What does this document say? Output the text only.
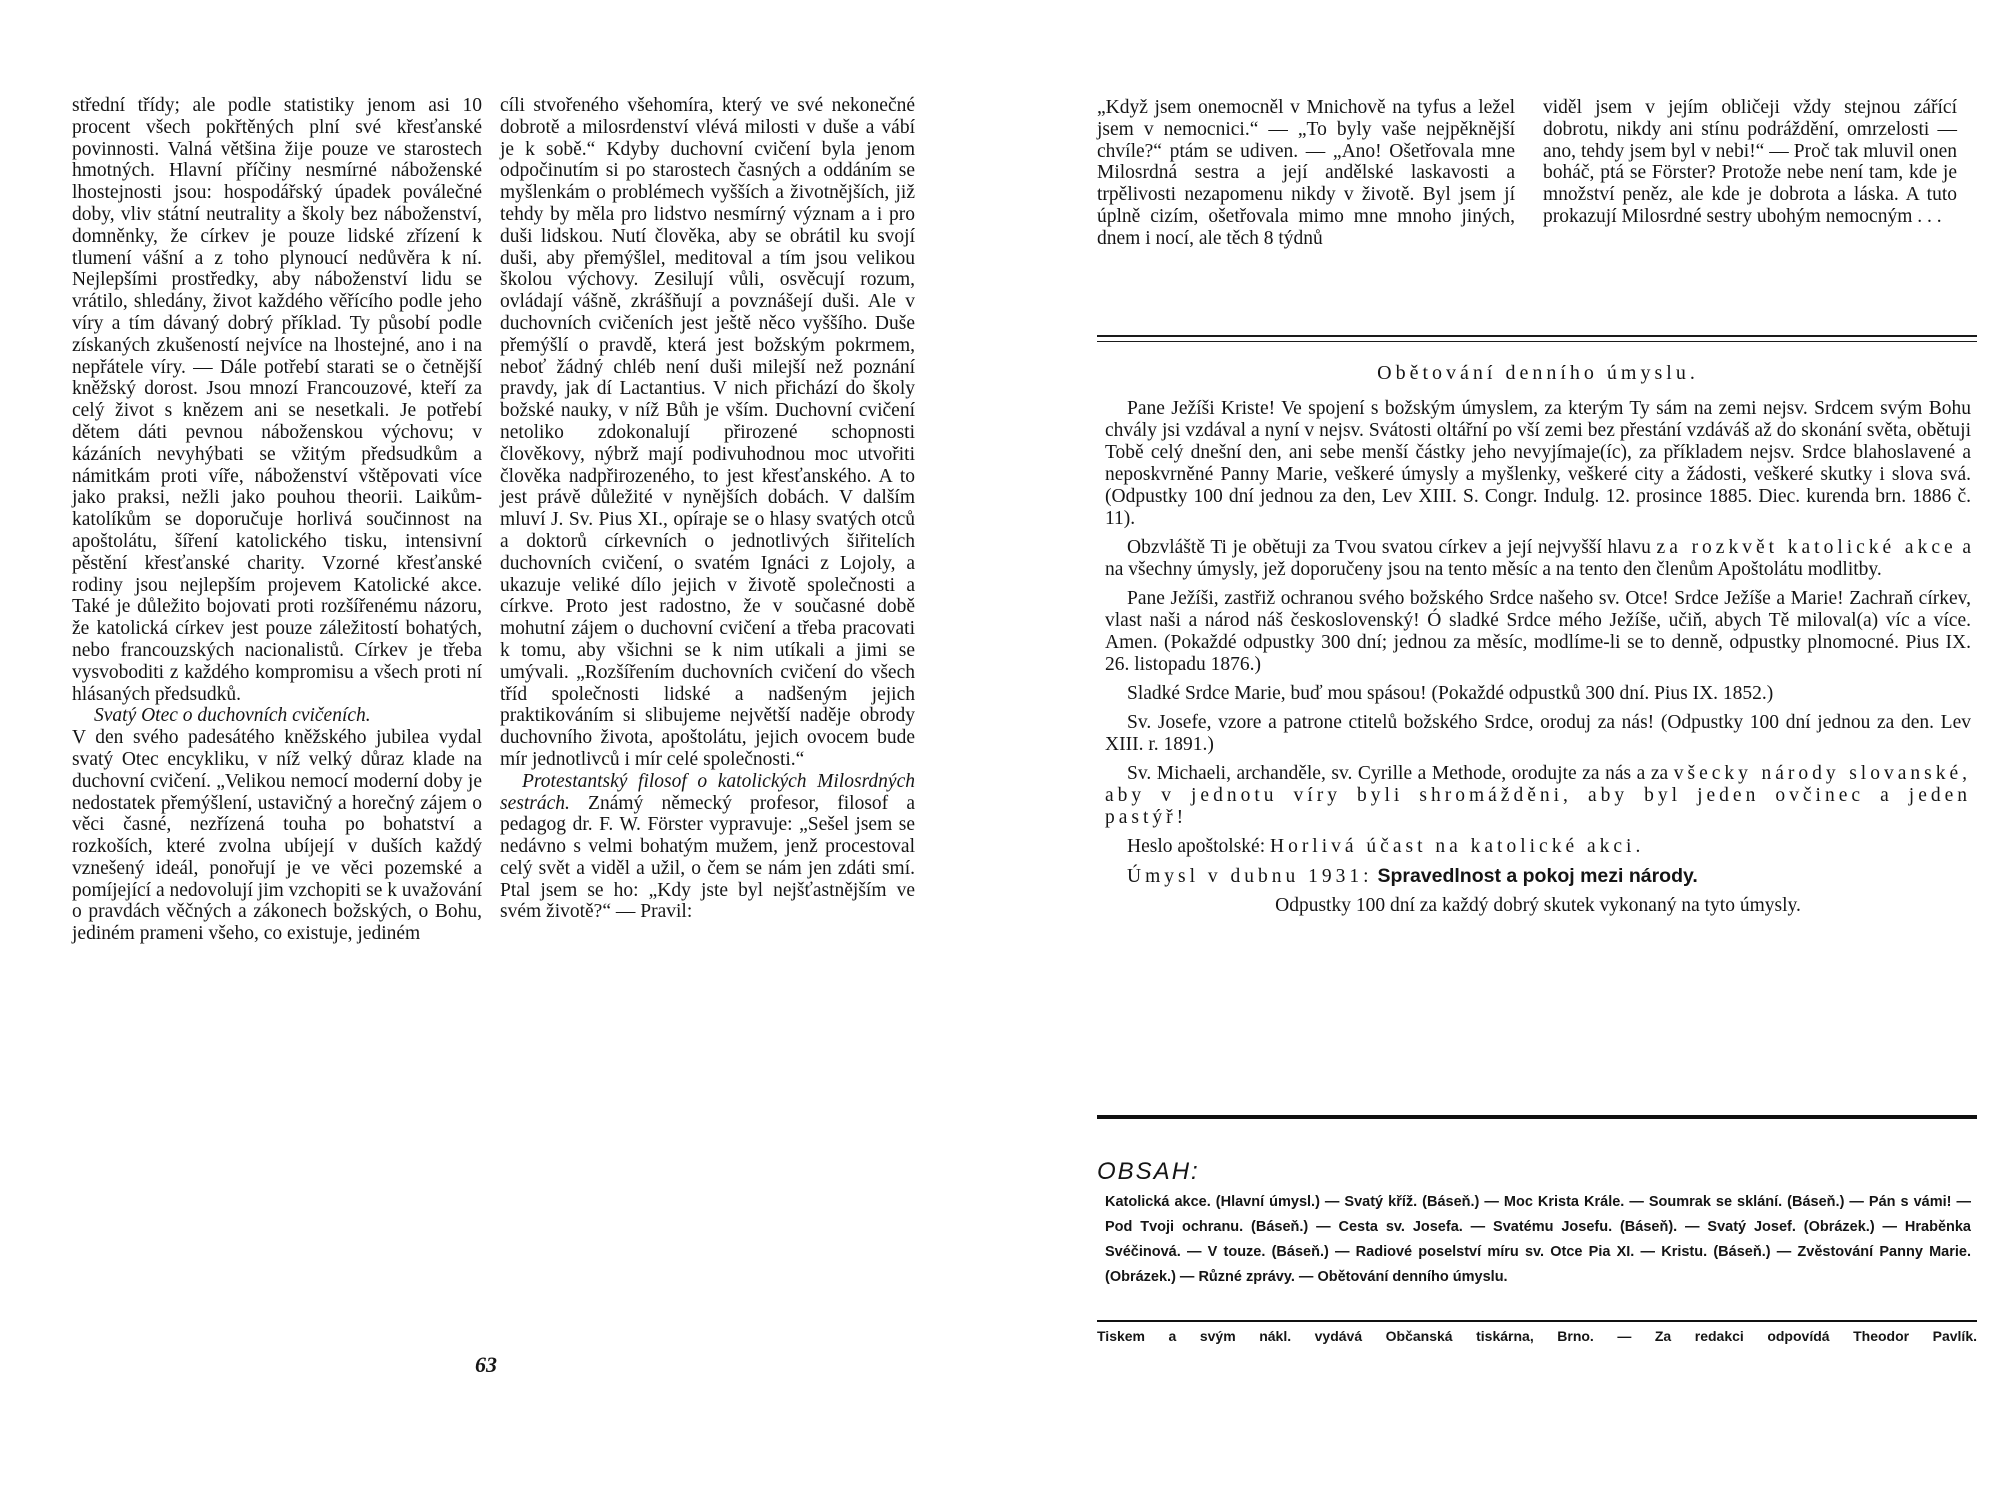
střední třídy; ale podle statistiky jenom asi 10 procent všech pokřtěných plní své křesťanské povinnosti. Valná většina žije pouze ve starostech hmotných. Hlavní příčiny nesmírné náboženské lhostejnosti jsou: hospodářský úpadek poválečné doby, vliv státní neutrality a školy bez náboženství, domněnky, že církev je pouze lidské zřízení k tlumení vášní a z toho plynoucí nedůvěra k ní. Nejlepšími prostředky, aby náboženství lidu se vrátilo, shledány, život každého věřícího podle jeho víry a tím dávaný dobrý příklad. Ty působí podle získaných zkušeností nejvíce na lhostejné, ano i na nepřátele víry. — Dále potřebí starati se o četnější kněžský dorost. Jsou mnozí Francouzové, kteří za celý život s knězem ani se nesetkali. Je potřebí dětem dáti pevnou náboženskou výchovu; v kázáních nevyhýbati se vžitým předsudkům a námitkám proti víře, náboženství vštěpovati více jako praksi, nežli jako pouhou theorii. Laikům-katolíkům se doporučuje horlivá součinnost na apoštolátu, šíření katolického tisku, intensivní pěstění křesťanské charity. Vzorné křesťanské rodiny jsou nejlepším projevem Katolické akce. Také je důležito bojovati proti rozšířenému názoru, že katolická církev jest pouze záležitostí bohatých, nebo francouzských nacionalistů. Církev je třeba vysvoboditi z každého kompromisu a všech proti ní hlásaných předsudků.

Svatý Otec o duchovních cvičeních.

V den svého padesátého kněžského jubilea vydal svatý Otec encykliku, v níž velký důraz klade na duchovní cvičení. „Velikou nemocí moderní doby je nedostatek přemýšlení, ustavičný a horečný zájem o věci časné, nezřízená touha po bohatství a rozkoších, které zvolna ubíjejí v duších každý vznešený ideál, ponořují je ve věci pozemské a pomíjející a nedovolují jim vzchopiti se k uvažování o pravdách věčných a zákonech božských, o Bohu, jediném prameni všeho, co existuje, jediném

cíli stvořeného všehomíra, který ve své nekonečné dobrotě a milosrdenství vlévá milosti v duše a vábí je k sobě.“ Kdyby duchovní cvičení byla jenom odpočinutím si po starostech časných a oddáním se myšlenkám o problémech vyšších a životnějších, již tehdy by měla pro lidstvo nesmírný význam a i pro duši lidskou. Nutí člověka, aby se obrátil ku svojí duši, aby přemýšlel, meditoval a tím jsou velikou školou výchovy. Zesilují vůli, osvěcují rozum, ovládají vášně, zkrášňují a povznášejí duši. Ale v duchovních cvičeních jest ještě něco vyššího. Duše přemýšlí o pravdě, která jest božským pokrmem, neboť žádný chléb není duši milejší než poznání pravdy, jak dí Lactantius. V nich přichází do školy božské nauky, v níž Bůh je vším. Duchovní cvičení netoliko zdokonalují přirozené schopnosti člověkovy, nýbrž mají podivuhodnou moc utvořiti člověka nadpřirozeného, to jest křesťanského. A to jest právě důležité v nynějších dobách. V dalším mluví J. Sv. Pius XI., opíraje se o hlasy svatých otců a doktorů církevních o jednotlivých šiřitelích duchovních cvičení, o svatém Ignáci z Lojoly, a ukazuje veliké dílo jejich v životě společnosti a církve. Proto jest radostno, že v současné době mohutní zájem o duchovní cvičení a třeba pracovati k tomu, aby všichni se k nim utíkali a jimi se umývali. „Rozšířením duchovních cvičení do všech tříd společnosti lidské a nadšeným jejich praktikováním si slibujeme největší naděje obrody duchovního života, apoštolátu, jejich ovocem bude mír jednotlivců i mír celé společnosti.“

Protestantský filosof o katolických Milosrdných sestrách. Známý německý profesor, filosof a pedagog dr. F. W. Förster vypravuje: „Sešel jsem se nedávno s velmi bohatým mužem, jenž procestoval celý svět a viděl a užil, o čem se nám jen zdáti smí. Ptal jsem se ho: „Kdy jste byl nejšťastnějším ve svém životě?“ — Pravil:

63

„Když jsem onemocněl v Mnichově na tyfus a ležel jsem v nemocnici.“ — „To byly vaše nejpěknější chvíle?“ ptám se udiven. — „Ano! Ošetřovala mne Milosrdná sestra a její andělské laskavosti a trpělivosti nezapomenu nikdy v životě. Byl jsem jí úplně cizím, ošetřovala mimo mne mnoho jiných, dnem i nocí, ale těch 8 týdnů

viděl jsem v jejím obličeji vždy stejnou zářící dobrotu, nikdy ani stínu podráždění, omrzelosti — ano, tehdy jsem byl v nebi!“ — Proč tak mluvil onen boháč, ptá se Förster? Protože nebe není tam, kde je množství peněz, ale kde je dobrota a láska. A tuto prokazují Milosrdné sestry ubohým nemocným . . .

Obětování denního úmyslu.

Pane Ježíši Kriste! Ve spojení s božským úmyslem, za kterým Ty sám na zemi nejsv. Srdcem svým Bohu chvály jsi vzdával a nyní v nejsv. Svátosti oltářní po vší zemi bez přestání vzdáváš až do skonání světa, obětuji Tobě celý dnešní den, ani sebe menší částky jeho nevyjímaje(íc), za příkladem nejsv. Srdce blahoslavené a neposkvrněné Panny Marie, veškeré úmysly a myšlenky, veškeré city a žádosti, veškeré skutky i slova svá. (Odpustky 100 dní jednou za den, Lev XIII. S. Congr. Indulg. 12. prosince 1885. Diec. kurenda brn. 1886 č. 11).

Obzvláště Ti je obětuji za Tvou svatou církev a její nejvyšší hlavu za rozkvět katolické akce a na všechny úmysly, jež doporučeny jsou na tento měsíc a na tento den členům Apoštolátu modlitby.

Pane Ježíši, zastřiž ochranou svého božského Srdce našeho sv. Otce! Srdce Ježíše a Marie! Zachraň církev, vlast naši a národ náš československý! Ó sladké Srdce mého Ježíše, učiň, abych Tě miloval(a) víc a více. Amen. (Pokaždé odpustky 300 dní; jednou za měsíc, modlíme-li se to denně, odpustky plnomocné. Pius IX. 26. listopadu 1876.)

Sladké Srdce Marie, buď mou spásou! (Pokaždé odpustků 300 dní. Pius IX. 1852.)

Sv. Josefe, vzore a patrone ctitelů božského Srdce, oroduj za nás! (Odpustky 100 dní jednou za den. Lev XIII. r. 1891.)

Sv. Michaeli, archanděle, sv. Cyrille a Methode, orodujte za nás a za všecky národy slovanské, aby v jednotu víry byli shromážděni, aby byl jeden ovčinec a jeden pastýř!

Heslo apoštolské: Horlivá účast na katolické akci.

Úmysl v dubnu 1931: Spravedlnost a pokoj mezi národy.

Odpustky 100 dní za každý dobrý skutek vykonaný na tyto úmysly.

OBSAH:
Katolická akce. (Hlavní úmysl.) — Svatý kříž. (Báseň.) — Moc Krista Krále. — Soumrak se sklání. (Báseň.) — Pán s vámi! — Pod Tvoji ochranu. (Báseň.) — Cesta sv. Josefa. — Svatému Josefu. (Báseň). — Svatý Josef. (Obrázek.) — Hraběnka Svéčinová. — V touze. (Báseň.) — Radiové poselství míru sv. Otce Pia XI. — Kristu. (Báseň.) — Zvěstování Panny Marie. (Obrázek.) — Různé zprávy. — Obětování denního úmyslu.
Tiskem a svým nákl. vydává Občanská tiskárna, Brno. — Za redakci odpovídá Theodor Pavlík.
